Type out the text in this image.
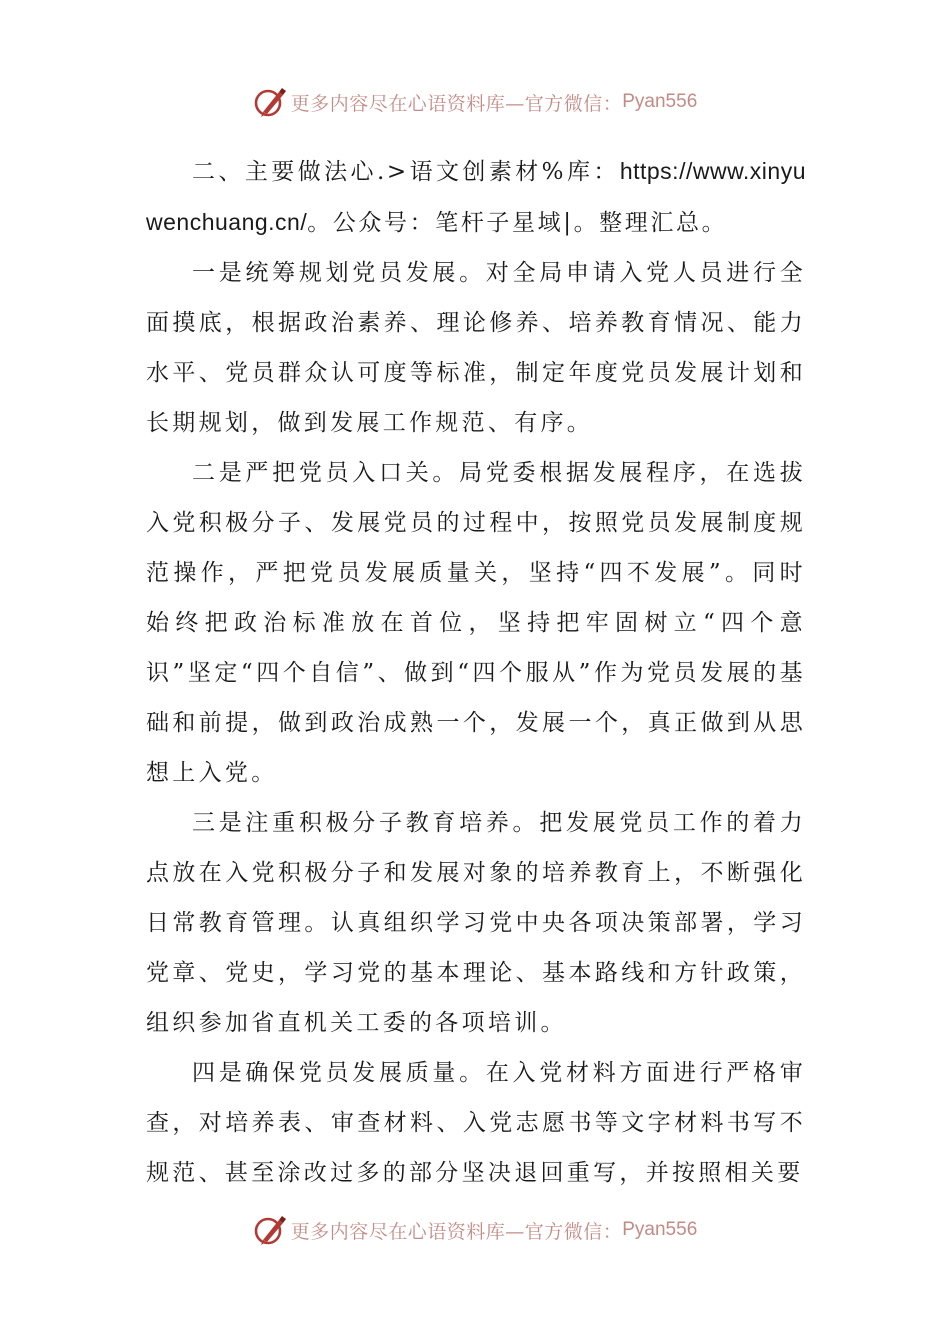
更多内容尽在心语资料库—官方微信： Pyan556

二、主要做法心.>语文创素材%库：https://www.xinyuwenchuang.cn/。公众号：笔杆子星域|。整理汇总。

一是统筹规划党员发展。对全局申请入党人员进行全面摸底，根据政治素养、理论修养、培养教育情况、能力水平、党员群众认可度等标准，制定年度党员发展计划和长期规划，做到发展工作规范、有序。

二是严把党员入口关。局党委根据发展程序，在选拔入党积极分子、发展党员的过程中，按照党员发展制度规范操作，严把党员发展质量关，坚持“四不发展”。同时始终把政治标准放在首位，坚持把牢固树立“四个意识”坚定“四个自信”、做到“四个服从”作为党员发展的基础和前提，做到政治成熟一个，发展一个，真正做到从思想上入党。

三是注重积极分子教育培养。把发展党员工作的着力点放在入党积极分子和发展对象的培养教育上，不断强化日常教育管理。认真组织学习党中央各项决策部署，学习党章、党史，学习党的基本理论、基本路线和方针政策，组织参加省直机关工委的各项培训。

四是确保党员发展质量。在入党材料方面进行严格审查，对培养表、审查材料、入党志愿书等文字材料书写不规范、甚至涂改过多的部分坚决退回重写，并按照相关要

更多内容尽在心语资料库—官方微信： Pyan556
